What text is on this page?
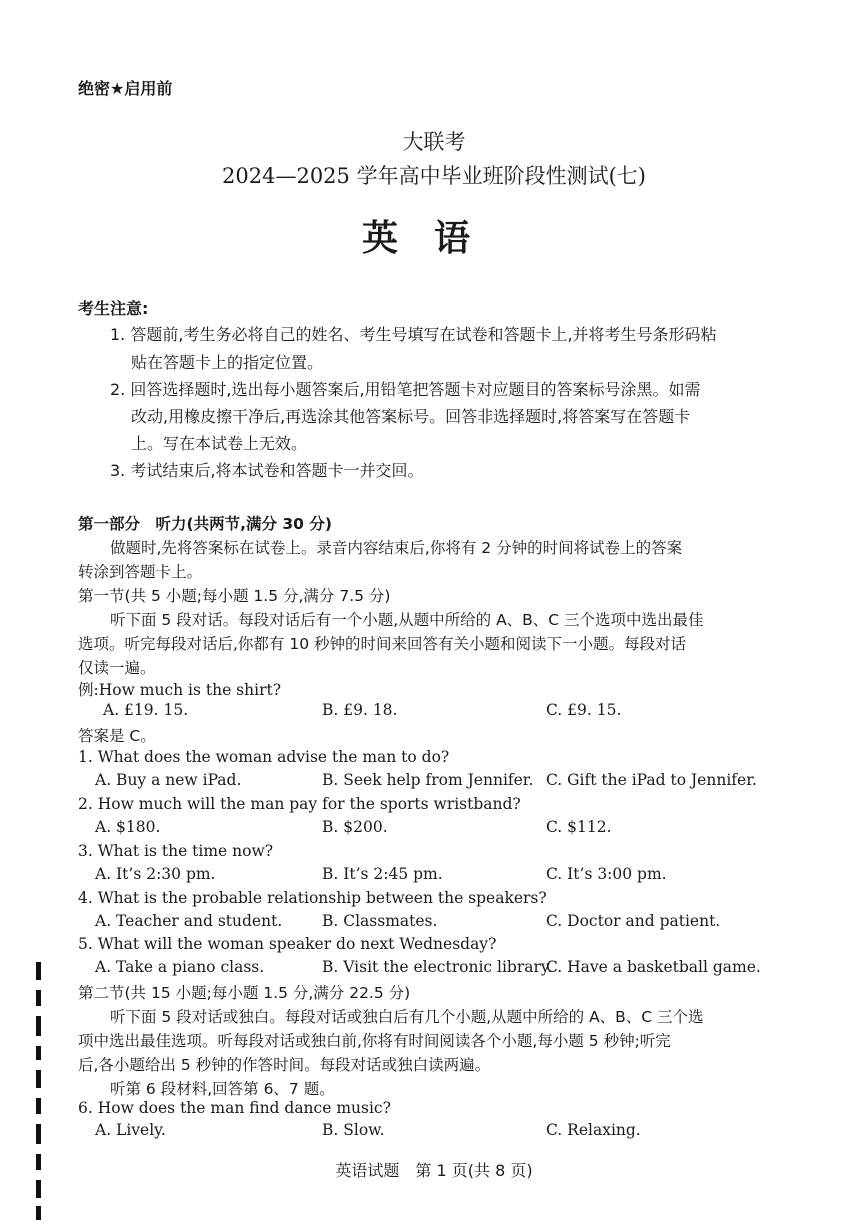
绝密★启用前
大联考
2024—2025 学年高中毕业班阶段性测试(七)
英语
考生注意:
1. 答题前,考生务必将自己的姓名、考生号填写在试卷和答题卡上,并将考生号条形码粘
贴在答题卡上的指定位置。
2. 回答选择题时,选出每小题答案后,用铅笔把答题卡对应题目的答案标号涂黑。如需
改动,用橡皮擦干净后,再选涂其他答案标号。回答非选择题时,将答案写在答题卡
上。写在本试卷上无效。
3. 考试结束后,将本试卷和答题卡一并交回。
第一部分　听力(共两节,满分 30 分)
做题时,先将答案标在试卷上。录音内容结束后,你将有 2 分钟的时间将试卷上的答案
转涂到答题卡上。
第一节(共 5 小题;每小题 1.5 分,满分 7.5 分)
听下面 5 段对话。每段对话后有一个小题,从题中所给的 A、B、C 三个选项中选出最佳
选项。听完每段对话后,你都有 10 秒钟的时间来回答有关小题和阅读下一小题。每段对话
仅读一遍。
例:How much is the shirt?
A. £19. 15.	B. £9. 18.	C. £9. 15.
答案是 C。
1. What does the woman advise the man to do?
A. Buy a new iPad.	B. Seek help from Jennifer. C. Gift the iPad to Jennifer.
2. How much will the man pay for the sports wristband?
A. $180.	B. $200.	C. $112.
3. What is the time now?
A. It’s 2:30 pm.	B. It’s 2:45 pm.	C. It’s 3:00 pm.
4. What is the probable relationship between the speakers?
A. Teacher and student.	B. Classmates.	C. Doctor and patient.
5. What will the woman speaker do next Wednesday?
A. Take a piano class.	B. Visit the electronic library.
C. Have a basketball game.
第二节(共 15 小题;每小题 1.5 分,满分 22.5 分)
听下面 5 段对话或独白。每段对话或独白后有几个小题,从题中所给的 A、B、C 三个选
项中选出最佳选项。听每段对话或独白前,你将有时间阅读各个小题,每小题 5 秒钟;听完
后,各小题给出 5 秒钟的作答时间。每段对话或独白读两遍。
听第 6 段材料,回答第 6、7 题。
6. How does the man find dance music?
A. Lively.	B. Slow.	C. Relaxing.
英语试题　第 1 页(共 8 页)
